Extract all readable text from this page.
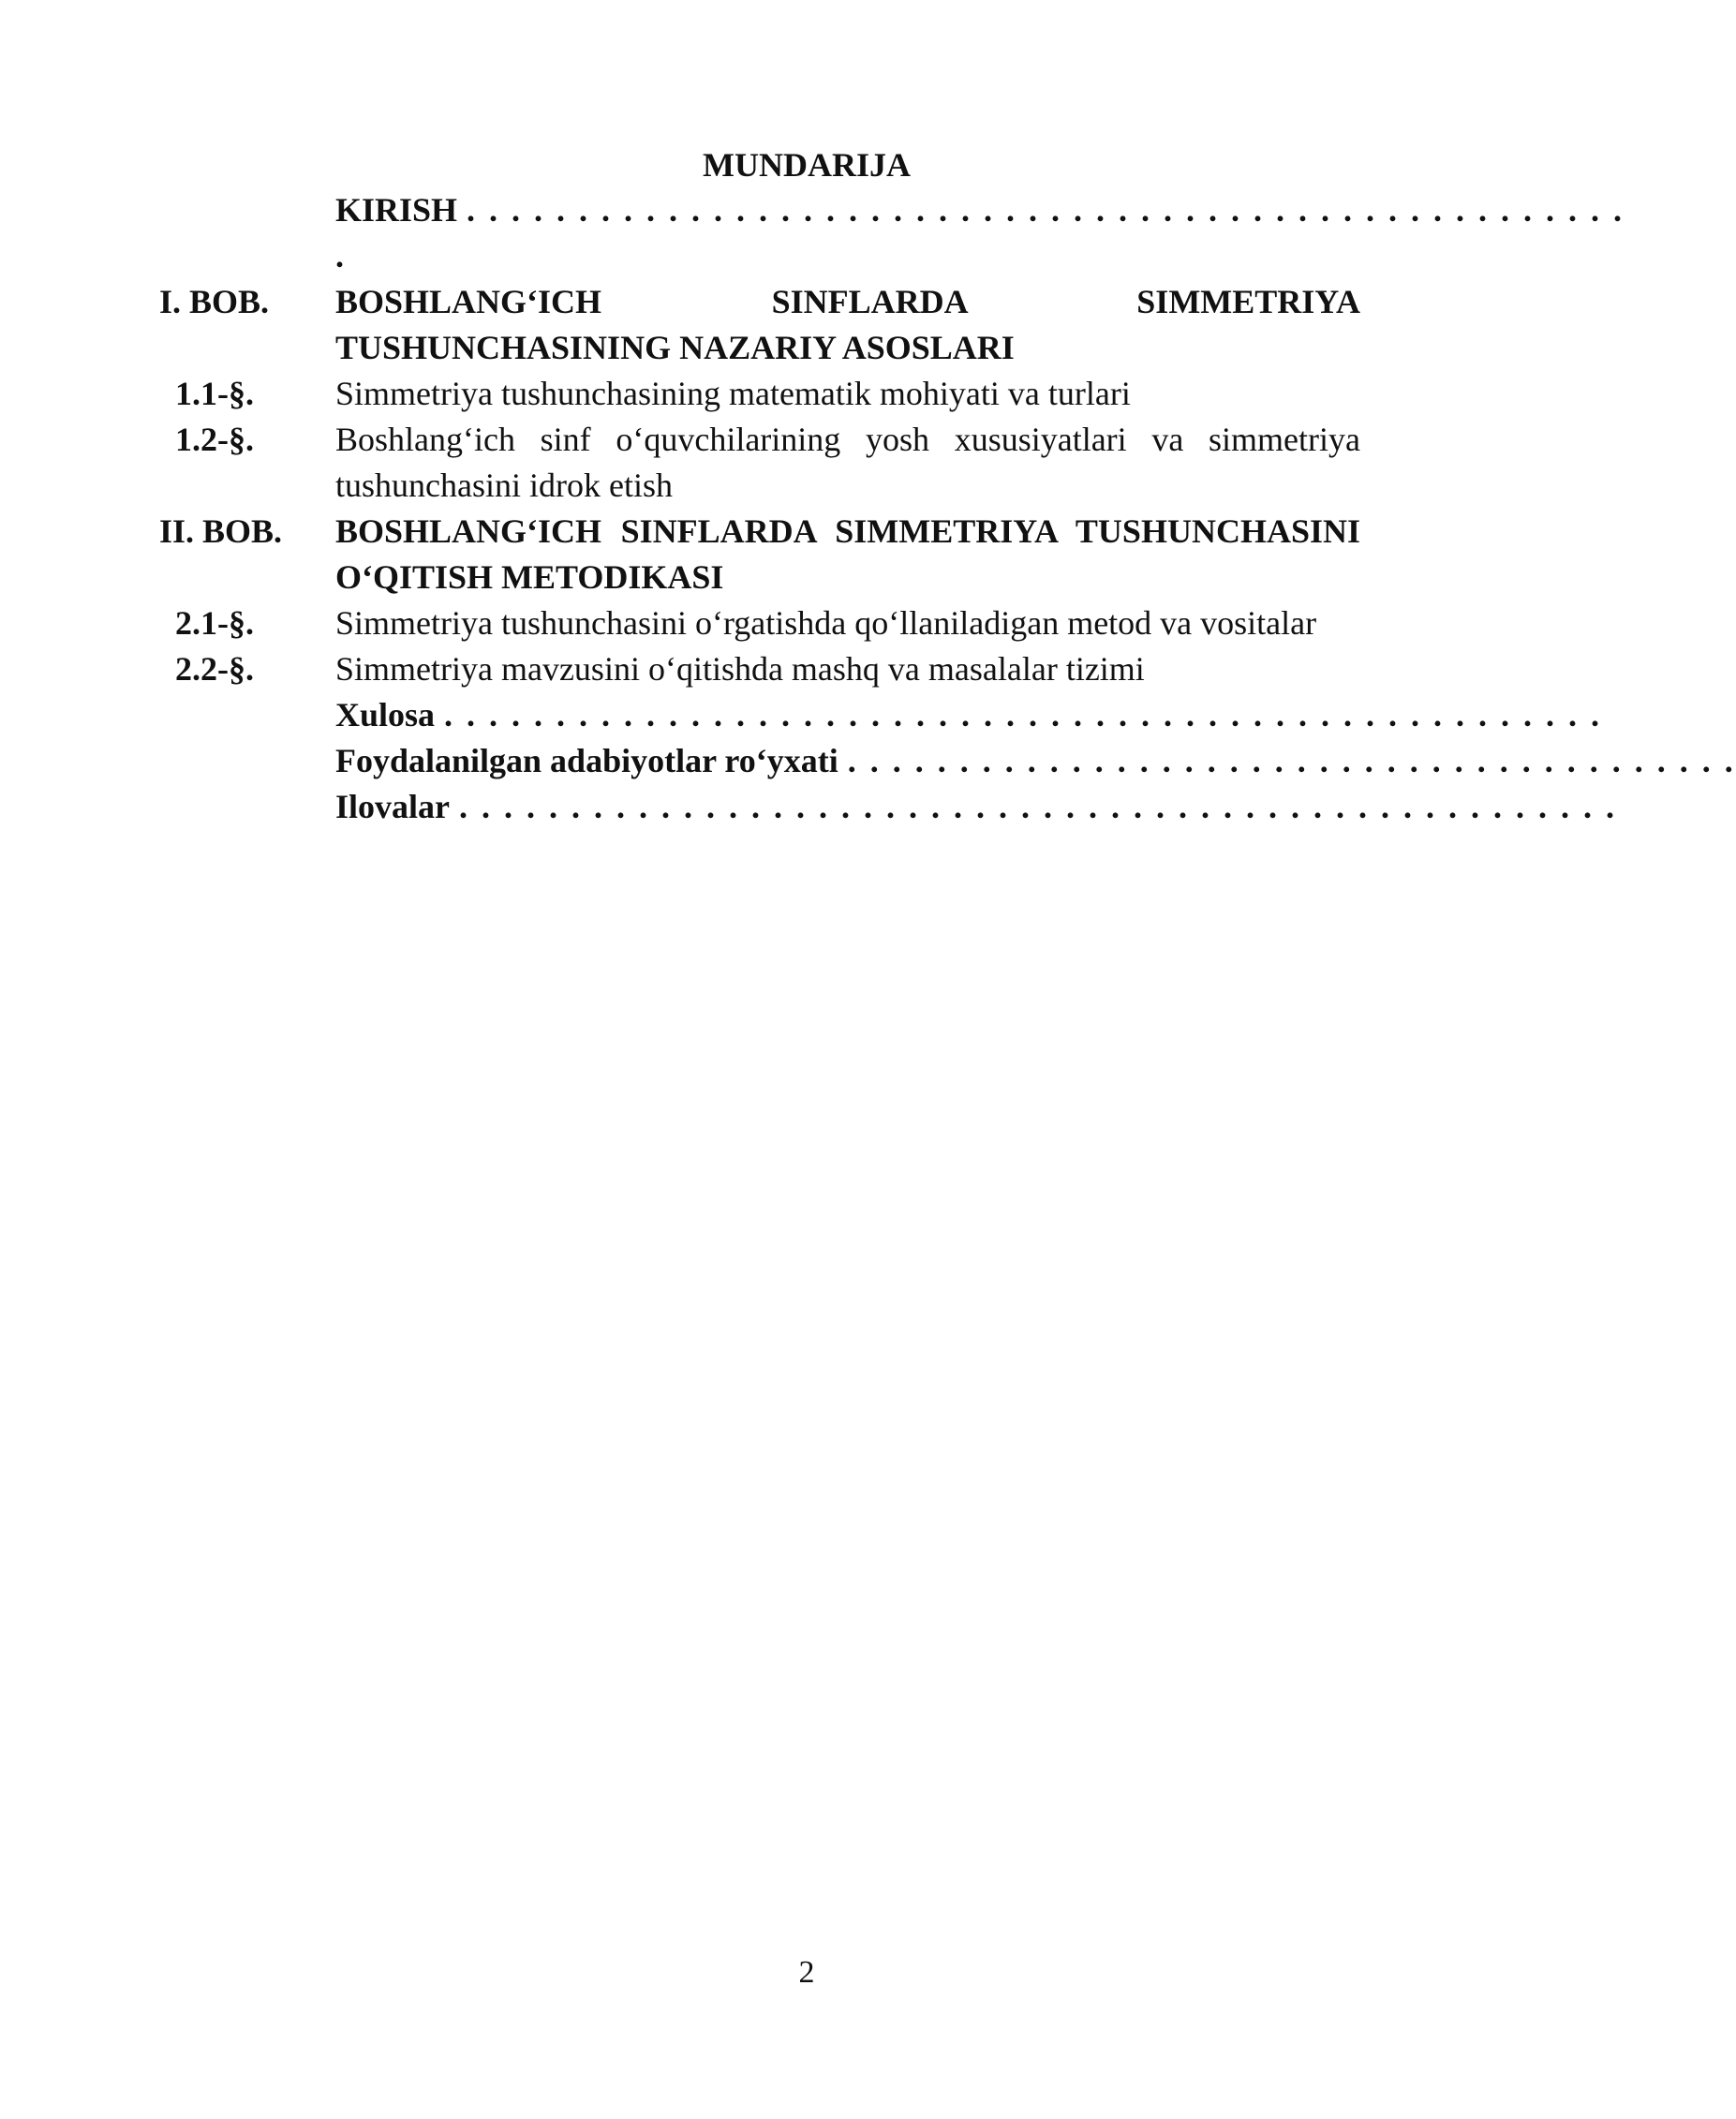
MUNDARIJA
KIRISH . . . . . . . . . . . . . . . . . . . . . . . . . . . . . . . . . . . . . . . . . . . . . . . . . . . .
.
I. BOB.	BOSHLANG‘ICH SINFLARDA SIMMETRIYA TUSHUNCHASINING NAZARIY ASOSLARI
1.1-§.	Simmetriya tushunchasining matematik mohiyati va turlari
1.2-§.	Boshlang‘ich sinf o‘quvchilarining yosh xususiyatlari va simmetriya tushunchasini idrok etish
II. BOB.	BOSHLANG‘ICH SINFLARDA SIMMETRIYA TUSHUNCHASINI O‘QITISH METODIKASI
2.1-§.	Simmetriya tushunchasini o‘rgatishda qo‘llaniladigan metod va vositalar
2.2-§.	Simmetriya mavzusini o‘qitishda mashq va masalalar tizimi
Xulosa . . . . . . . . . . . . . . . . . . . . . . . . . . . . . . . . . . . . . . . . . . . . . . . . . . . .
Foydalanilgan adabiyotlar ro‘yxati . . . . . . . . . . . . . . . . . . . . . . . . . . . . . . . . . . . . . . . .
Ilovalar . . . . . . . . . . . . . . . . . . . . . . . . . . . . . . . . . . . . . . . . . . . . . . . . . . . .
2
